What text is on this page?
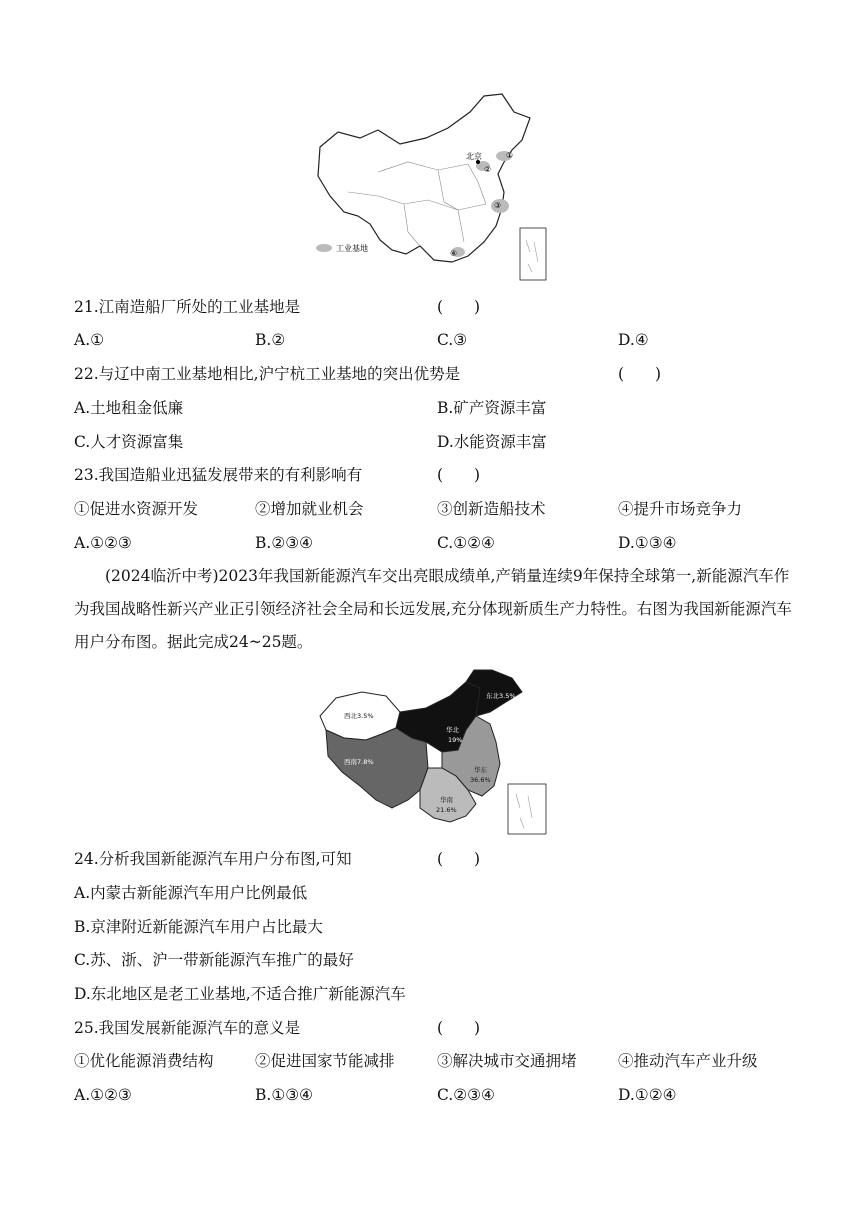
北京	①
②
③
④
工业基地
21.江南造船厂所处的工业基地是	(　　)
A.①	B.②	C.③	D.④
22.与辽中南工业基地相比,沪宁杭工业基地的突出优势是	(　　)
A.土地租金低廉	B.矿产资源丰富
C.人才资源富集	D.水能资源丰富
23.我国造船业迅猛发展带来的有利影响有	(　　)
①促进水资源开发	②增加就业机会	③创新造船技术	④提升市场竞争力
A.①②③	B.②③④	C.①②④	D.①③④
(2024临沂中考)2023年我国新能源汽车交出亮眼成绩单,产销量连续9年保持全球第一,新能源汽车作为我国战略性新兴产业正引领经济社会全局和长远发展,充分体现新质生产力特性。右图为我国新能源汽车用户分布图。据此完成24~25题。
东北3.5%
西北3.5%
西南7.8%
华北
19%
华东
36.6%
华南
21.6%
24.分析我国新能源汽车用户分布图,可知	(　　)
A.内蒙古新能源汽车用户比例最低
B.京津附近新能源汽车用户占比最大
C.苏、浙、沪一带新能源汽车推广的最好
D.东北地区是老工业基地,不适合推广新能源汽车
25.我国发展新能源汽车的意义是	(　　)
①优化能源消费结构	②促进国家节能减排	③解决城市交通拥堵	④推动汽车产业升级
A.①②③	B.①③④	C.②③④	D.①②④
